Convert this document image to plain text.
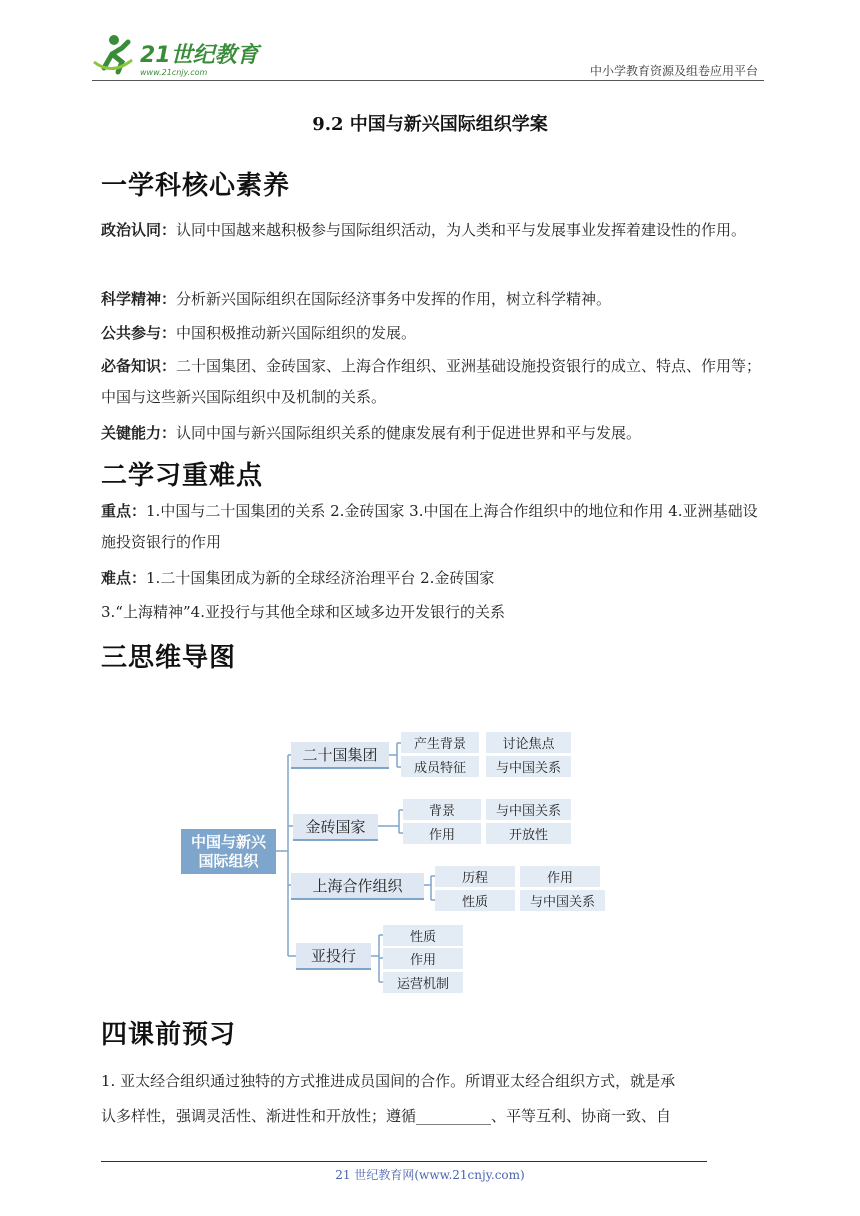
21世纪教育
www.21cnjy.com	中小学教育资源及组卷应用平台
9.2 中国与新兴国际组织学案
一学科核心素养
政治认同：认同中国越来越积极参与国际组织活动，为人类和平与发展事业发挥着建设性的作用。
科学精神：分析新兴国际组织在国际经济事务中发挥的作用，树立科学精神。
公共参与：中国积极推动新兴国际组织的发展。
必备知识：二十国集团、金砖国家、上海合作组织、亚洲基础设施投资银行的成立、特点、作用等；中国与这些新兴国际组织中及机制的关系。
关键能力：认同中国与新兴国际组织关系的健康发展有利于促进世界和平与发展。
二学习重难点
重点：1.中国与二十国集团的关系 2.金砖国家 3.中国在上海合作组织中的地位和作用 4.亚洲基础设施投资银行的作用
难点：1.二十国集团成为新的全球经济治理平台 2.金砖国家
3.“上海精神”4.亚投行与其他全球和区域多边开发银行的关系
三思维导图
中国与新兴
国际组织
二十国集团
产生背景	讨论焦点
成员特征	与中国关系
金砖国家
背景	与中国关系
作用	开放性
上海合作组织	历程	作用
性质	与中国关系
亚投行
性质
作用
运营机制
四课前预习
1. 亚太经合组织通过独特的方式推进成员国间的合作。所谓亚太经合组织方式，就是承
认多样性，强调灵活性、渐进性和开放性；遵循__________、平等互利、协商一致、自
21 世纪教育网(www.21cnjy.com)
